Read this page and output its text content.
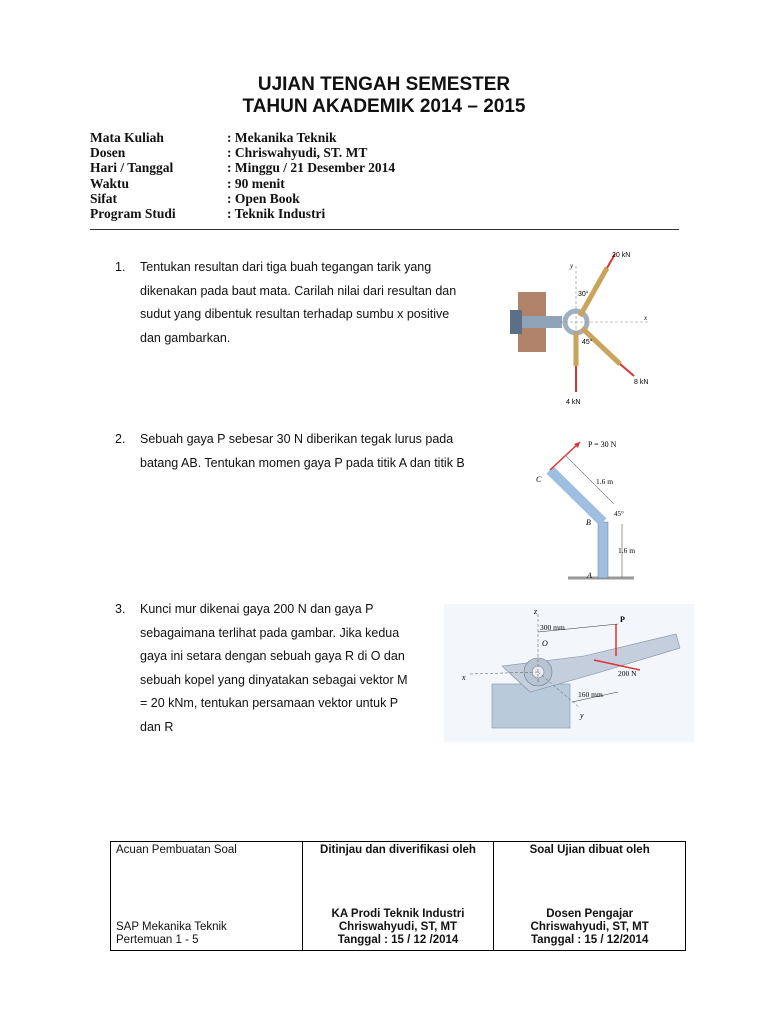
UJIAN TENGAH SEMESTER
TAHUN AKADEMIK 2014 – 2015
Mata Kuliah	: Mekanika Teknik
Dosen	: Chriswahyudi, ST. MT
Hari / Tanggal	: Minggu / 21 Desember 2014
Waktu	: 90 menit
Sifat	: Open Book
Program Studi	: Teknik Industri
1. Tentukan resultan dari tiga buah tegangan tarik yang
dikenakan pada baut mata. Carilah nilai dari resultan dan
sudut yang dibentuk resultan terhadap sumbu x positive
dan gambarkan.
20 kN
8 kN
4 kN
30°
45°
y
x
2. Sebuah gaya P sebesar 30 N diberikan tegak lurus pada
batang AB. Tentukan momen gaya P pada titik A dan titik B
P = 30 N
1.6 m
1.6 m
45°
A
B
C
3. Kunci mur dikenai gaya 200 N dan gaya P
sebagaimana terlihat pada gambar. Jika kedua
gaya ini setara dengan sebuah gaya R di O dan
sebuah kopel yang dinyatakan sebagai vektor M
= 20 kNm, tentukan persamaan vektor untuk P
dan R
300 mm
160 mm
200 N
P
O
x
y
z
Acuan Pembuatan Soal
SAP Mekanika Teknik
Pertemuan 1 - 5

Ditinjau dan diverifikasi oleh
KA Prodi Teknik Industri
Chriswahyudi, ST, MT
Tanggal : 15 / 12 /2014

Soal Ujian dibuat oleh
Dosen Pengajar
Chriswahyudi, ST, MT
Tanggal : 15 / 12/2014
